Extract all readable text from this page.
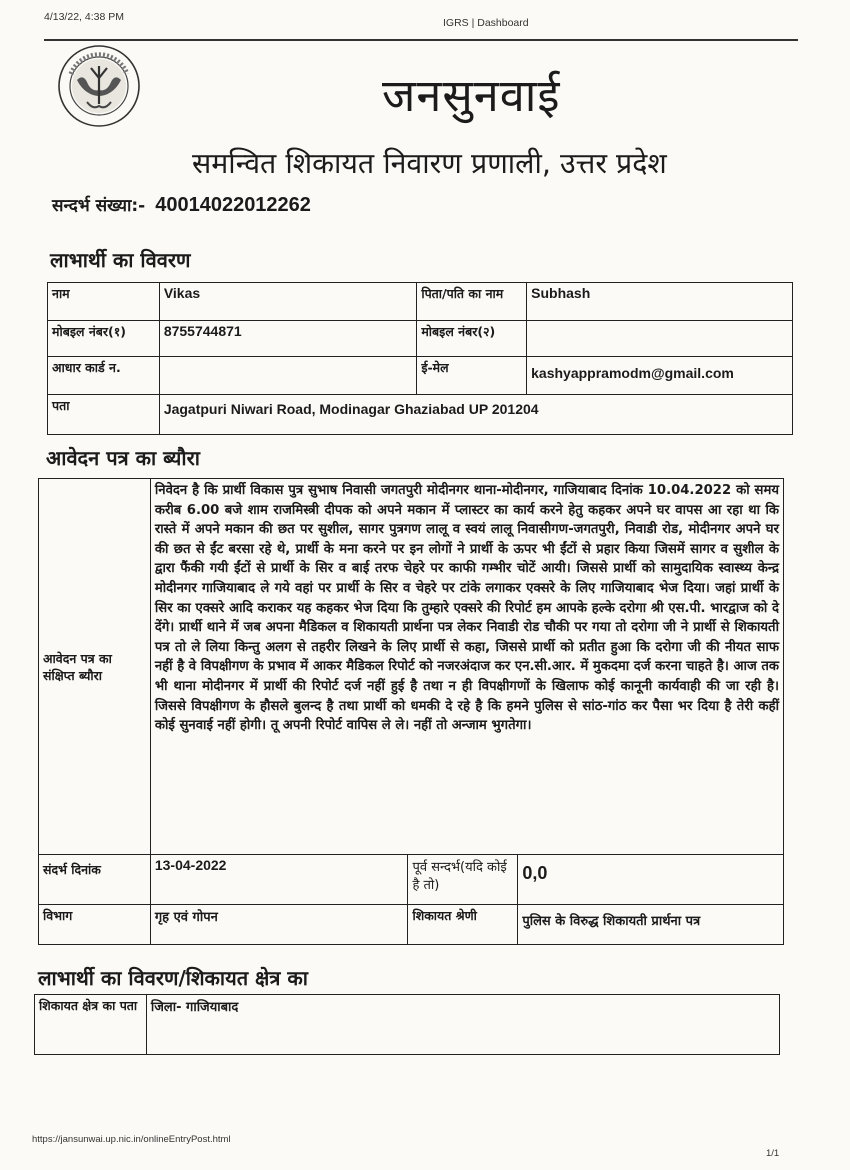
4/13/22, 4:38 PM	IGRS | Dashboard
जनसुनवाई
समन्वित शिकायत निवारण प्रणाली, उत्तर प्रदेश
सन्दर्भ संख्या:- 40014022012262
लाभार्थी का विवरण
नाम	Vikas	पिता/पति का नाम	Subhash
मोबइल नंबर(१)	8755744871	मोबइल नंबर(२)	
आधार कार्ड न.		ई-मेल	kashyappramodm@gmail.com
पता	Jagatpuri Niwari Road, Modinagar Ghaziabad UP 201204		
आवेदन पत्र का ब्यौरा
आवेदन पत्र का संक्षिप्त ब्यौरा	निवेदन है कि प्रार्थी विकास पुत्र सुभाष निवासी जगतपुरी मोदीनगर थाना-मोदीनगर, गाजियाबाद दिनांक 10.04.2022 को समय करीब 6.00 बजे शाम राजमिस्त्री दीपक को अपने मकान में प्लास्टर का कार्य करने हेतु कहकर अपने घर वापस आ रहा था कि रास्ते में अपने मकान की छत पर सुशील, सागर पुत्रगण लालू व स्वयं लालू निवासीगण-जगतपुरी, निवाडी रोड, मोदीनगर अपने घर की छत से ईंट बरसा रहे थे, प्रार्थी के मना करने पर इन लोगों ने प्रार्थी के ऊपर भी ईंटों से प्रहार किया जिसमें सागर व सुशील के द्वारा फैंकी गयी ईंटों से प्रार्थी के सिर व बाई तरफ चेहरे पर काफी गम्भीर चोटें आयी। जिससे प्रार्थी को सामुदायिक स्वास्थ्य केन्द्र मोदीनगर गाजियाबाद ले गये वहां पर प्रार्थी के सिर व चेहरे पर टांके लगाकर एक्सरे के लिए गाजियाबाद भेज दिया। जहां प्रार्थी के सिर का एक्सरे आदि कराकर यह कहकर भेज दिया कि तुम्हारे एक्सरे की रिपोर्ट हम आपके हल्के दरोगा श्री एस.पी. भारद्वाज को दे देंगे। प्रार्थी थाने में जब अपना मैडिकल व शिकायती प्रार्थना पत्र लेकर निवाडी रोड चौकी पर गया तो दरोगा जी ने प्रार्थी से शिकायती पत्र तो ले लिया किन्तु अलग से तहरीर लिखने के लिए प्रार्थी से कहा, जिससे प्रार्थी को प्रतीत हुआ कि दरोगा जी की नीयत साफ नहीं है वे विपक्षीगण के प्रभाव में आकर मैडिकल रिपोर्ट को नजरअंदाज कर एन.सी.आर. में मुकदमा दर्ज करना चाहते है। आज तक भी थाना मोदीनगर में प्रार्थी की रिपोर्ट दर्ज नहीं हुई है तथा न ही विपक्षीगणों के खिलाफ कोई कानूनी कार्यवाही की जा रही है। जिससे विपक्षीगण के हौसले बुलन्द है तथा प्रार्थी को धमकी दे रहे है कि हमने पुलिस से सांठ-गांठ कर पैसा भर दिया है तेरी कहीं कोई सुनवाई नहीं होगी। तू अपनी रिपोर्ट वापिस ले ले। नहीं तो अन्जाम भुगतेगा।		
संदर्भ दिनांक	13-04-2022	पूर्व सन्दर्भ(यदि कोई है तो)	0,0
विभाग	गृह एवं गोपन	शिकायत श्रेणी	पुलिस के विरुद्ध शिकायती प्रार्थना पत्र
लाभार्थी का विवरण/शिकायत क्षेत्र का
शिकायत क्षेत्र का पता	जिला- गाजियाबाद
https://jansunwai.up.nic.in/onlineEntryPost.html
1/1
